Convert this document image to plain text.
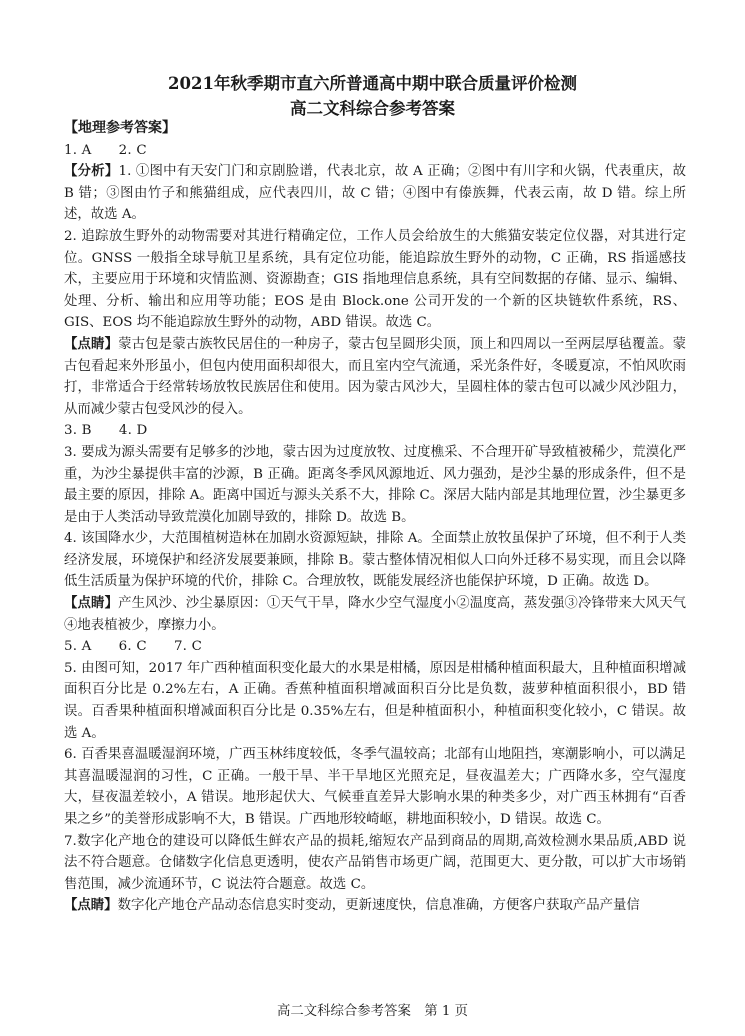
2021年秋季期市直六所普通高中期中联合质量评价检测
高二文科综合参考答案

【地理参考答案】

1. A　　2. C

【分析】1. ①图中有天安门门和京剧脸谱，代表北京，故 A 正确；②图中有川字和火锅，代表重庆，故 B 错；③图由竹子和熊猫组成，应代表四川，故 C 错；④图中有傣族舞，代表云南，故 D 错。综上所述，故选 A。

2. 追踪放生野外的动物需要对其进行精确定位，工作人员会给放生的大熊猫安装定位仪器，对其进行定位。GNSS 一般指全球导航卫星系统，具有定位功能，能追踪放生野外的动物，C 正确，RS 指遥感技术，主要应用于环境和灾情监测、资源勘查；GIS 指地理信息系统，具有空间数据的存储、显示、编辑、处理、分析、输出和应用等功能；EOS 是由 Block.one 公司开发的一个新的区块链软件系统，RS、GIS、EOS 均不能追踪放生野外的动物，ABD 错误。故选 C。

【点睛】蒙古包是蒙古族牧民居住的一种房子，蒙古包呈圆形尖顶，顶上和四周以一至两层厚毡覆盖。蒙古包看起来外形虽小，但包内使用面积却很大，而且室内空气流通，采光条件好，冬暖夏凉，不怕风吹雨打，非常适合于经常转场放牧民族居住和使用。因为蒙古风沙大，呈圆柱体的蒙古包可以减少风沙阻力，从而减少蒙古包受风沙的侵入。

3. B　　4. D

3. 要成为源头需要有足够多的沙地，蒙古因为过度放牧、过度樵采、不合理开矿导致植被稀少，荒漠化严重，为沙尘暴提供丰富的沙源，B 正确。距离冬季风风源地近、风力强劲，是沙尘暴的形成条件，但不是最主要的原因，排除 A。距离中国近与源头关系不大，排除 C。深居大陆内部是其地理位置，沙尘暴更多是由于人类活动导致荒漠化加剧导致的，排除 D。故选 B。

4. 该国降水少，大范围植树造林在加剧水资源短缺，排除 A。全面禁止放牧虽保护了环境，但不利于人类经济发展，环境保护和经济发展要兼顾，排除 B。蒙古整体情况相似人口向外迁移不易实现，而且会以降低生活质量为保护环境的代价，排除 C。合理放牧，既能发展经济也能保护环境，D 正确。故选 D。

【点睛】产生风沙、沙尘暴原因：①天气干旱，降水少空气湿度小②温度高，蒸发强③冷锋带来大风天气④地表植被少，摩擦力小。

5. A　　6. C　　7. C

5. 由图可知，2017 年广西种植面积变化最大的水果是柑橘，原因是柑橘种植面积最大，且种植面积增减面积百分比是 0.2%左右，A 正确。香蕉种植面积增减面积百分比是负数，菠萝种植面积很小，BD 错误。百香果种植面积增减面积百分比是 0.35%左右，但是种植面积小，种植面积变化较小，C 错误。故选 A。

6. 百香果喜温暖湿润环境，广西玉林纬度较低，冬季气温较高；北部有山地阻挡，寒潮影响小，可以满足其喜温暖湿润的习性，C 正确。一般干旱、半干旱地区光照充足，昼夜温差大；广西降水多，空气湿度大，昼夜温差较小，A 错误。地形起伏大、气候垂直差异大影响水果的种类多少，对广西玉林拥有“百香果之乡”的美誉形成影响不大，B 错误。广西地形较崎岖，耕地面积较小，D 错误。故选 C。

7.数字化产地仓的建设可以降低生鲜农产品的损耗,缩短农产品到商品的周期,高效检测水果品质,ABD 说法不符合题意。仓储数字化信息更透明，使农产品销售市场更广阔，范围更大、更分散，可以扩大市场销售范围，减少流通环节，C 说法符合题意。故选 C。

【点睛】数字化产地仓产品动态信息实时变动，更新速度快，信息准确，方便客户获取产品产量信

高二文科综合参考答案　第 1 页
